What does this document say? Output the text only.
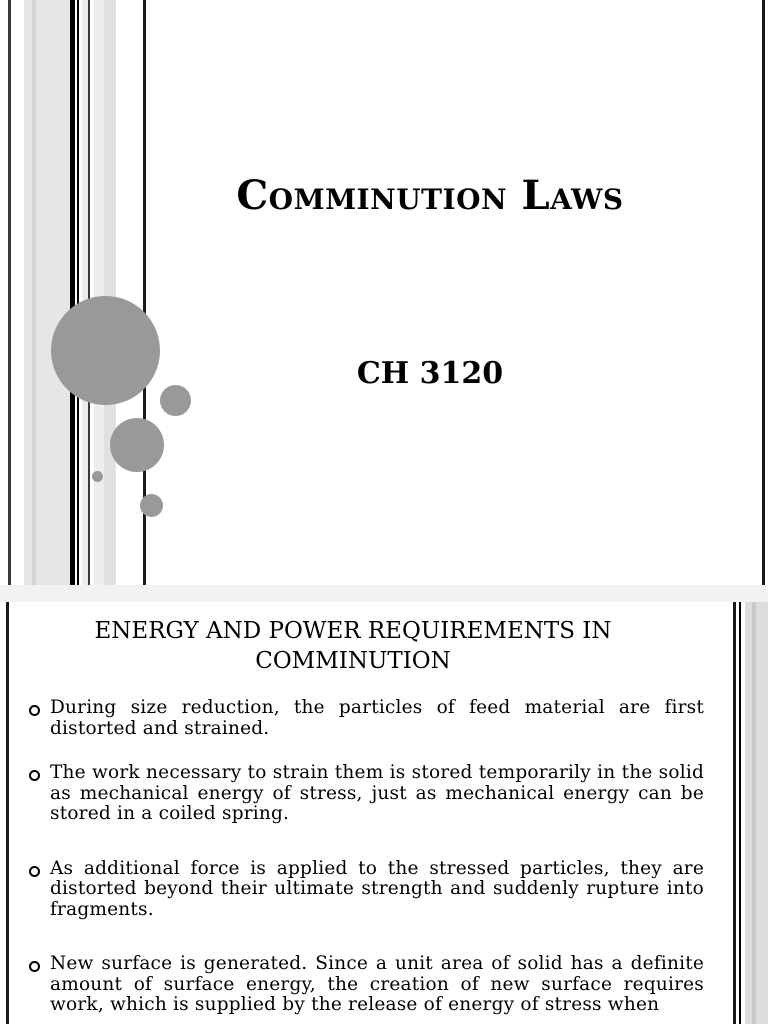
Comminution Laws
CH 3120
ENERGY AND POWER REQUIREMENTS IN COMMINUTION
During size reduction, the particles of feed material are first distorted and strained.
The work necessary to strain them is stored temporarily in the solid as mechanical energy of stress, just as mechanical energy can be stored in a coiled spring.
As additional force is applied to the stressed particles, they are distorted beyond their ultimate strength and suddenly rupture into fragments.
New surface is generated. Since a unit area of solid has a definite amount of surface energy, the creation of new surface requires work, which is supplied by the release of energy of stress when
